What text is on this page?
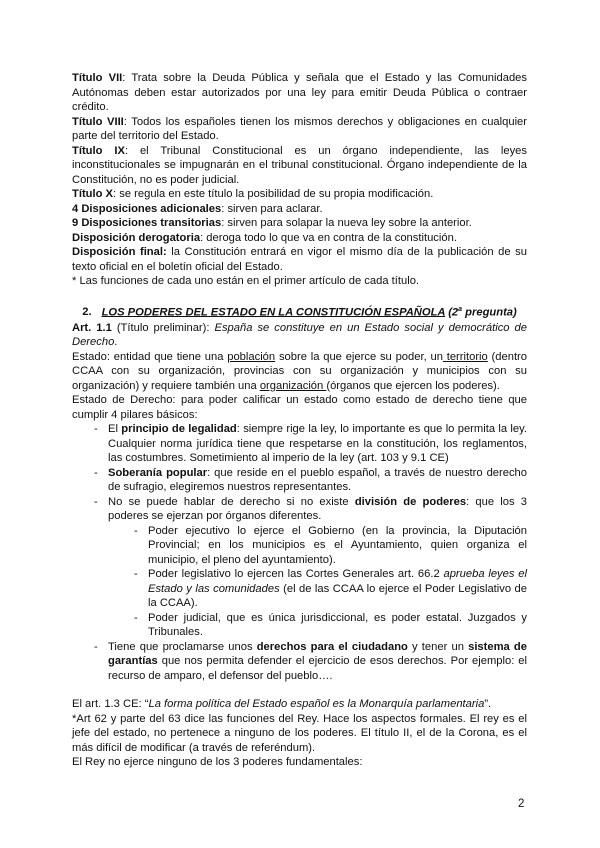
Título VII: Trata sobre la Deuda Pública y señala que el Estado y las Comunidades Autónomas deben estar autorizados por una ley para emitir Deuda Pública o contraer crédito.

Título VIII: Todos los españoles tienen los mismos derechos y obligaciones en cualquier parte del territorio del Estado.

Título IX: el Tribunal Constitucional es un órgano independiente, las leyes inconstitucionales se impugnarán en el tribunal constitucional. Órgano independiente de la Constitución, no es poder judicial.

Título X: se regula en este título la posibilidad de su propia modificación.

4 Disposiciones adicionales: sirven para aclarar.

9 Disposiciones transitorias: sirven para solapar la nueva ley sobre la anterior.

Disposición derogatoria: deroga todo lo que va en contra de la constitución.

Disposición final: la Constitución entrará en vigor el mismo día de la publicación de su texto oficial en el boletín oficial del Estado.

* Las funciones de cada uno están en el primer artículo de cada título.

2. LOS PODERES DEL ESTADO EN LA CONSTITUCIÓN ESPAÑOLA (2$^a$ pregunta)

Art. 1.1 (Título preliminar): España se constituye en un Estado social y democrático de Derecho.

Estado: entidad que tiene una población sobre la que ejerce su poder, un territorio (dentro CCAA con su organización, provincias con su organización y municipios con su organización) y requiere también una organización (órganos que ejercen los poderes).

Estado de Derecho: para poder calificar un estado como estado de derecho tiene que cumplir 4 pilares básicos:

- El principio de legalidad: siempre rige la ley, lo importante es que lo permita la ley. Cualquier norma jurídica tiene que respetarse en la constitución, los reglamentos, las costumbres. Sometimiento al imperio de la ley (art. 103 y 9.1 CE)
- Soberanía popular: que reside en el pueblo español, a través de nuestro derecho de sufragio, elegiremos nuestros representantes.
- No se puede hablar de derecho si no existe división de poderes: que los 3 poderes se ejerzan por órganos diferentes.
- Poder ejecutivo lo ejerce el Gobierno (en la provincia, la Diputación Provincial; en los municipios es el Ayuntamiento, quien organiza el municipio, el pleno del ayuntamiento).
- Poder legislativo lo ejercen las Cortes Generales art. 66.2 aprueba leyes el Estado y las comunidades (el de las CCAA lo ejerce el Poder Legislativo de la CCAA).
- Poder judicial, que es única jurisdiccional, es poder estatal. Juzgados y Tribunales.
- Tiene que proclamarse unos derechos para el ciudadano y tener un sistema de garantías que nos permita defender el ejercicio de esos derechos. Por ejemplo: el recurso de amparo, el defensor del pueblo….

El art. 1.3 CE: “La forma política del Estado español es la Monarquía parlamentaria”.

*Art 62 y parte del 63 dice las funciones del Rey. Hace los aspectos formales. El rey es el jefe del estado, no pertenece a ninguno de los poderes. El título II, el de la Corona, es el más difícil de modificar (a través de referéndum).

El Rey no ejerce ninguno de los 3 poderes fundamentales:

2
